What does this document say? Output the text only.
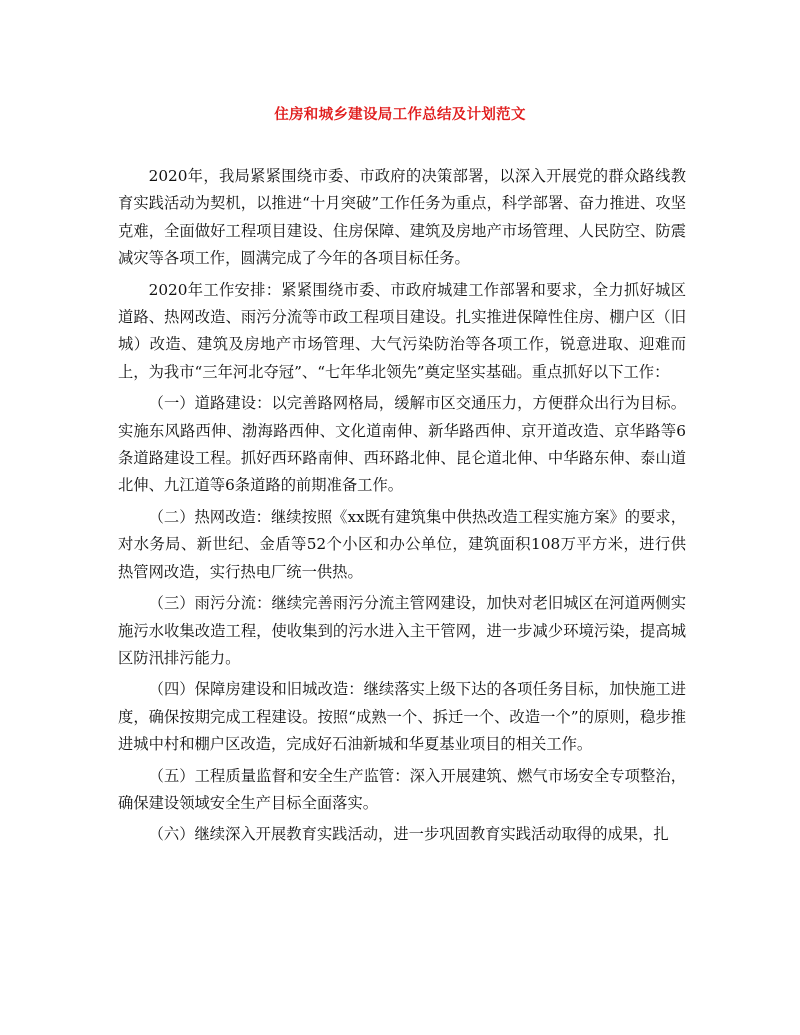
住房和城乡建设局工作总结及计划范文

2020年，我局紧紧围绕市委、市政府的决策部署，以深入开展党的群众路线教育实践活动为契机，以推进“十月突破”工作任务为重点，科学部署、奋力推进、攻坚克难，全面做好工程项目建设、住房保障、建筑及房地产市场管理、人民防空、防震减灾等各项工作，圆满完成了今年的各项目标任务。

2020年工作安排：紧紧围绕市委、市政府城建工作部署和要求，全力抓好城区道路、热网改造、雨污分流等市政工程项目建设。扎实推进保障性住房、棚户区（旧城）改造、建筑及房地产市场管理、大气污染防治等各项工作，锐意进取、迎难而上，为我市“三年河北夺冠”、“七年华北领先”奠定坚实基础。重点抓好以下工作：

（一）道路建设：以完善路网格局，缓解市区交通压力，方便群众出行为目标。实施东风路西伸、渤海路西伸、文化道南伸、新华路西伸、京开道改造、京华路等6条道路建设工程。抓好西环路南伸、西环路北伸、昆仑道北伸、中华路东伸、泰山道北伸、九江道等6条道路的前期准备工作。

（二）热网改造：继续按照《xx既有建筑集中供热改造工程实施方案》的要求，对水务局、新世纪、金盾等52个小区和办公单位，建筑面积108万平方米，进行供热管网改造，实行热电厂统一供热。

（三）雨污分流：继续完善雨污分流主管网建设，加快对老旧城区在河道两侧实施污水收集改造工程，使收集到的污水进入主干管网，进一步减少环境污染，提高城区防汛排污能力。

（四）保障房建设和旧城改造：继续落实上级下达的各项任务目标，加快施工进度，确保按期完成工程建设。按照“成熟一个、拆迁一个、改造一个”的原则，稳步推进城中村和棚户区改造，完成好石油新城和华夏基业项目的相关工作。

（五）工程质量监督和安全生产监管：深入开展建筑、燃气市场安全专项整治，确保建设领域安全生产目标全面落实。

（六）继续深入开展教育实践活动，进一步巩固教育实践活动取得的成果，扎
